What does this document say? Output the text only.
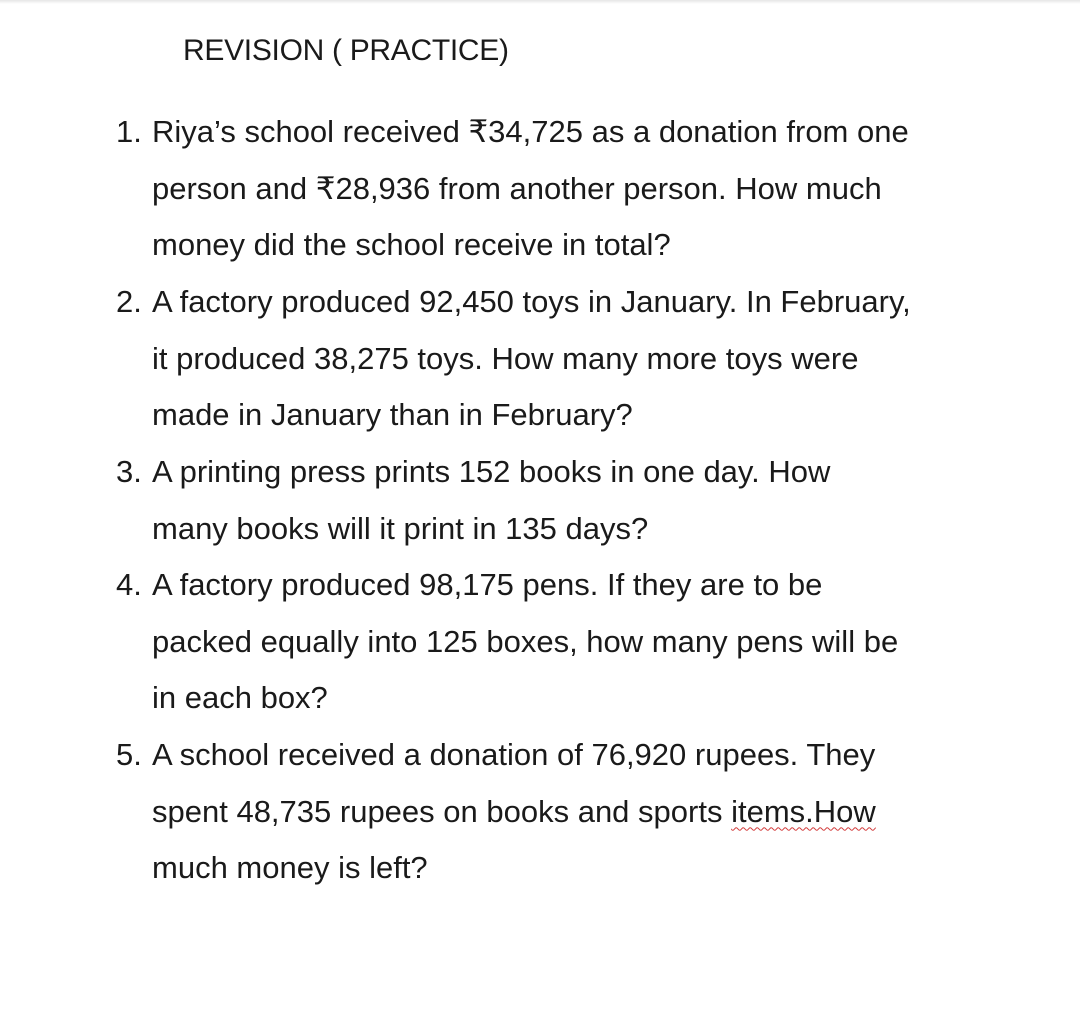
REVISION ( PRACTICE)
1. Riya’s school received ₹34,725 as a donation from one
person and ₹28,936 from another person. How much
money did the school receive in total?
2. A factory produced 92,450 toys in January. In February,
it produced 38,275 toys. How many more toys were
made in January than in February?
3. A printing press prints 152 books in one day. How
many books will it print in 135 days?
4. A factory produced 98,175 pens. If they are to be
packed equally into 125 boxes, how many pens will be
in each box?
5. A school received a donation of 76,920 rupees. They
spent 48,735 rupees on books and sports items.How
much money is left?
